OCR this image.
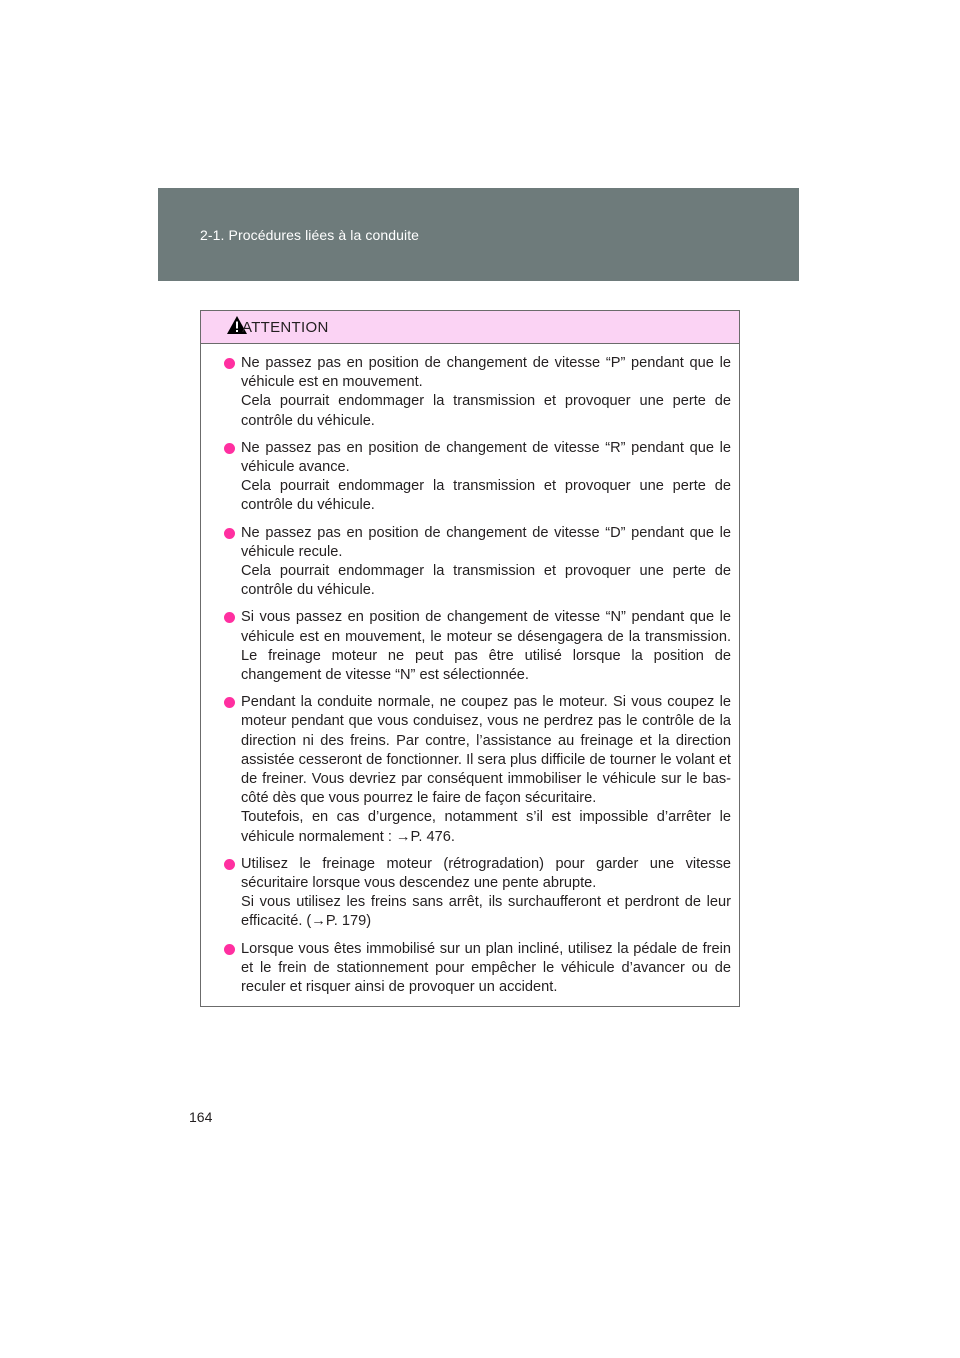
2-1. Procédures liées à la conduite
ATTENTION

Ne passez pas en position de changement de vitesse “P” pendant que le véhicule est en mouvement.

Cela pourrait endommager la transmission et provoquer une perte de contrôle du véhicule.

Ne passez pas en position de changement de vitesse “R” pendant que le véhicule avance.

Cela pourrait endommager la transmission et provoquer une perte de contrôle du véhicule.

Ne passez pas en position de changement de vitesse “D” pendant que le véhicule recule.

Cela pourrait endommager la transmission et provoquer une perte de contrôle du véhicule.

Si vous passez en position de changement de vitesse “N” pendant que le véhicule est en mouvement, le moteur se désengagera de la transmission. Le freinage moteur ne peut pas être utilisé lorsque la position de changement de vitesse “N” est sélectionnée.

Pendant la conduite normale, ne coupez pas le moteur. Si vous coupez le moteur pendant que vous conduisez, vous ne perdrez pas le contrôle de la direction ni des freins. Par contre, l’assistance au freinage et la direction assistée cesseront de fonctionner. Il sera plus difficile de tourner le volant et de freiner. Vous devriez par conséquent immobiliser le véhicule sur le bas-côté dès que vous pourrez le faire de façon sécuritaire.

Toutefois, en cas d’urgence, notamment s’il est impossible d’arrêter le véhicule normalement : →P. 476.

Utilisez le freinage moteur (rétrogradation) pour garder une vitesse sécuritaire lorsque vous descendez une pente abrupte.

Si vous utilisez les freins sans arrêt, ils surchaufferont et perdront de leur efficacité. (→P. 179)

Lorsque vous êtes immobilisé sur un plan incliné, utilisez la pédale de frein et le frein de stationnement pour empêcher le véhicule d’avancer ou de reculer et risquer ainsi de provoquer un accident.

164
